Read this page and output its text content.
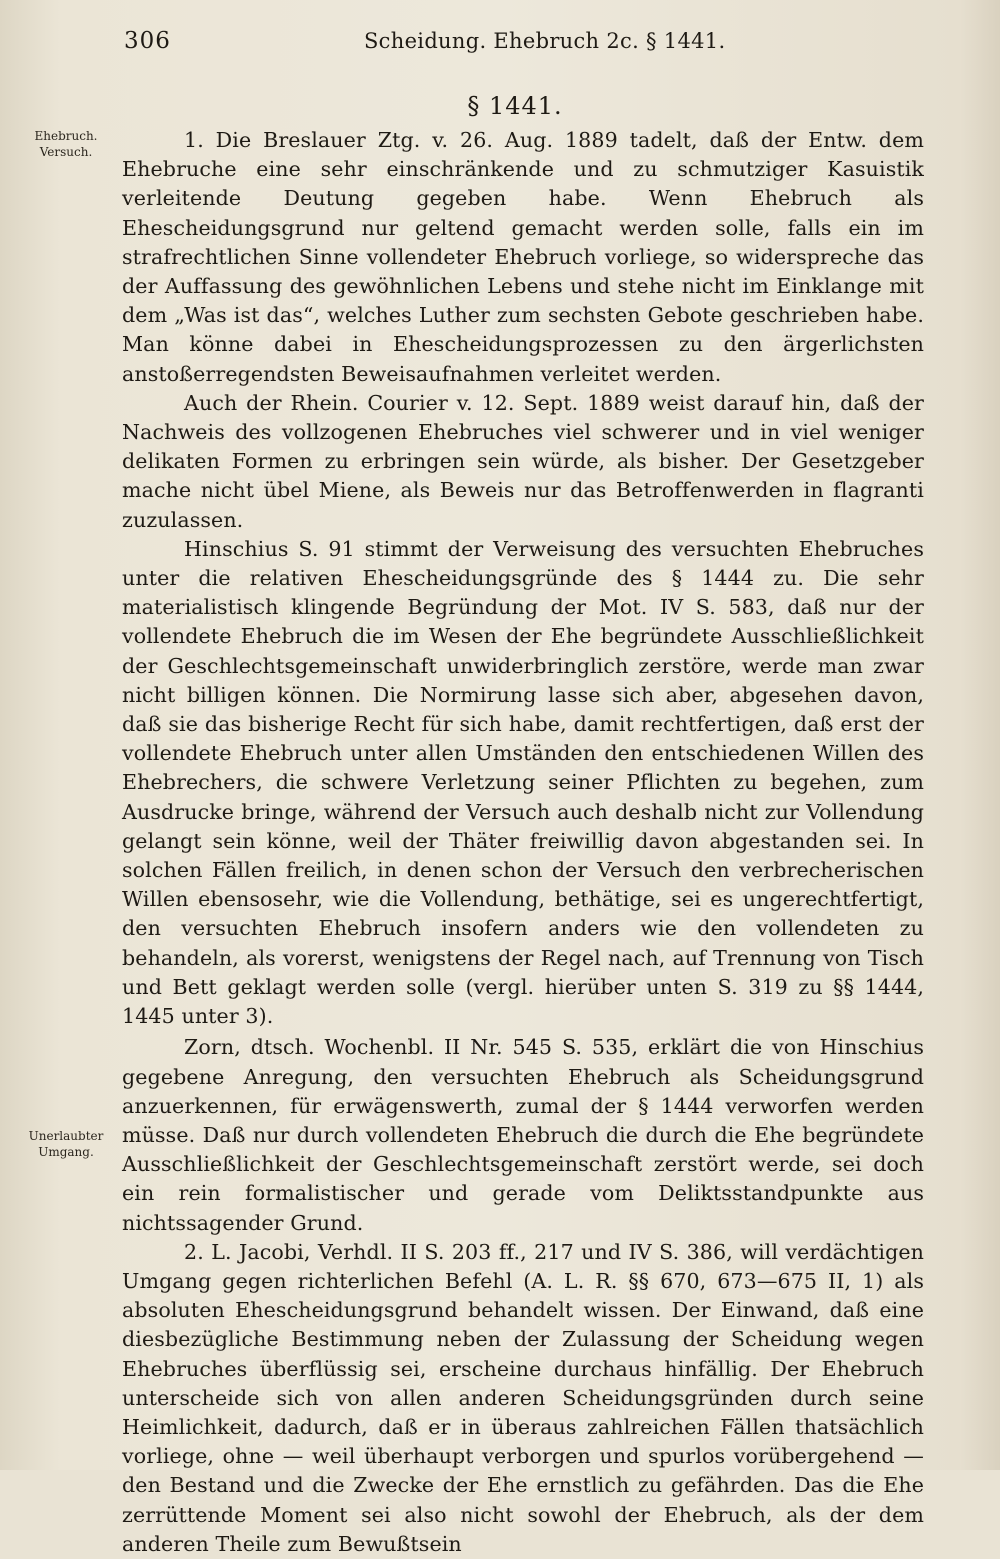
306	Scheidung. Ehebruch 2c. § 1441.
§ 1441.
Ehebruch. Versuch.
Unerlaubter Umgang.

1. Die Breslauer Ztg. v. 26. Aug. 1889 tadelt, daß der Entw. dem Ehebruche eine sehr einschränkende und zu schmutziger Kasuistik verleitende Deutung gegeben habe. Wenn Ehebruch als Ehescheidungsgrund nur geltend gemacht werden solle, falls ein im strafrechtlichen Sinne vollendeter Ehebruch vorliege, so widerspreche das der Auffassung des gewöhnlichen Lebens und stehe nicht im Einklange mit dem „Was ist das“, welches Luther zum sechsten Gebote geschrieben habe. Man könne dabei in Ehescheidungsprozessen zu den ärgerlichsten anstoßerregendsten Beweisaufnahmen verleitet werden.

Auch der Rhein. Courier v. 12. Sept. 1889 weist darauf hin, daß der Nachweis des vollzogenen Ehebruches viel schwerer und in viel weniger delikaten Formen zu erbringen sein würde, als bisher. Der Gesetzgeber mache nicht übel Miene, als Beweis nur das Betroffenwerden in flagranti zuzulassen.

Hinschius S. 91 stimmt der Verweisung des versuchten Ehebruches unter die relativen Ehescheidungsgründe des § 1444 zu. Die sehr materialistisch klingende Begründung der Mot. IV S. 583, daß nur der vollendete Ehebruch die im Wesen der Ehe begründete Ausschließlichkeit der Geschlechtsgemeinschaft unwiderbringlich zerstöre, werde man zwar nicht billigen können. Die Normirung lasse sich aber, abgesehen davon, daß sie das bisherige Recht für sich habe, damit rechtfertigen, daß erst der vollendete Ehebruch unter allen Umständen den entschiedenen Willen des Ehebrechers, die schwere Verletzung seiner Pflichten zu begehen, zum Ausdrucke bringe, während der Versuch auch deshalb nicht zur Vollendung gelangt sein könne, weil der Thäter freiwillig davon abgestanden sei. In solchen Fällen freilich, in denen schon der Versuch den verbrecherischen Willen ebensosehr, wie die Vollendung, bethätige, sei es ungerechtfertigt, den versuchten Ehebruch insofern anders wie den vollendeten zu behandeln, als vorerst, wenigstens der Regel nach, auf Trennung von Tisch und Bett geklagt werden solle (vergl. hierüber unten S. 319 zu §§ 1444, 1445 unter 3).

Zorn, dtsch. Wochenbl. II Nr. 545 S. 535, erklärt die von Hinschius gegebene Anregung, den versuchten Ehebruch als Scheidungsgrund anzuerkennen, für erwägenswerth, zumal der § 1444 verworfen werden müsse. Daß nur durch vollendeten Ehebruch die durch die Ehe begründete Ausschließlichkeit der Geschlechtsgemeinschaft zerstört werde, sei doch ein rein formalistischer und gerade vom Deliktsstandpunkte aus nichtssagender Grund.

2. L. Jacobi, Verhdl. II S. 203 ff., 217 und IV S. 386, will verdächtigen Umgang gegen richterlichen Befehl (A. L. R. §§ 670, 673—675 II, 1) als absoluten Ehescheidungsgrund behandelt wissen. Der Einwand, daß eine diesbezügliche Bestimmung neben der Zulassung der Scheidung wegen Ehebruches überflüssig sei, erscheine durchaus hinfällig. Der Ehebruch unterscheide sich von allen anderen Scheidungsgründen durch seine Heimlichkeit, dadurch, daß er in überaus zahlreichen Fällen thatsächlich vorliege, ohne — weil überhaupt verborgen und spurlos vorübergehend — den Bestand und die Zwecke der Ehe ernstlich zu gefährden. Das die Ehe zerrüttende Moment sei also nicht sowohl der Ehebruch, als der dem anderen Theile zum Bewußtsein
